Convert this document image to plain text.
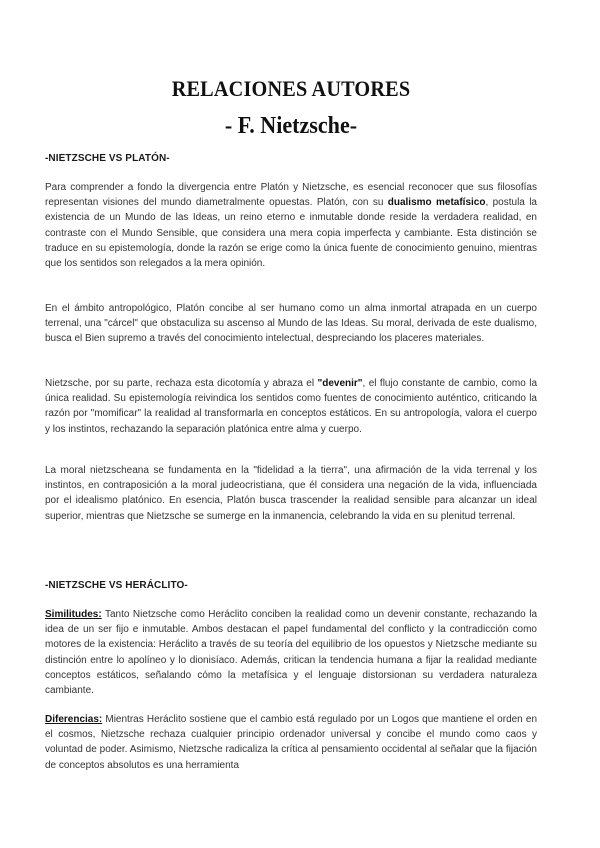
RELACIONES AUTORES
- F. Nietzsche-
-NIETZSCHE VS PLATÓN-

Para comprender a fondo la divergencia entre Platón y Nietzsche, es esencial reconocer que sus filosofías representan visiones del mundo diametralmente opuestas. Platón, con su dualismo metafísico, postula la existencia de un Mundo de las Ideas, un reino eterno e inmutable donde reside la verdadera realidad, en contraste con el Mundo Sensible, que considera una mera copia imperfecta y cambiante. Esta distinción se traduce en su epistemología, donde la razón se erige como la única fuente de conocimiento genuino, mientras que los sentidos son relegados a la mera opinión.

En el ámbito antropológico, Platón concibe al ser humano como un alma inmortal atrapada en un cuerpo terrenal, una "cárcel" que obstaculiza su ascenso al Mundo de las Ideas. Su moral, derivada de este dualismo, busca el Bien supremo a través del conocimiento intelectual, despreciando los placeres materiales.

Nietzsche, por su parte, rechaza esta dicotomía y abraza el "devenir", el flujo constante de cambio, como la única realidad. Su epistemología reivindica los sentidos como fuentes de conocimiento auténtico, criticando la razón por "momificar" la realidad al transformarla en conceptos estáticos. En su antropología, valora el cuerpo y los instintos, rechazando la separación platónica entre alma y cuerpo.

La moral nietzscheana se fundamenta en la "fidelidad a la tierra", una afirmación de la vida terrenal y los instintos, en contraposición a la moral judeocristiana, que él considera una negación de la vida, influenciada por el idealismo platónico. En esencia, Platón busca trascender la realidad sensible para alcanzar un ideal superior, mientras que Nietzsche se sumerge en la inmanencia, celebrando la vida en su plenitud terrenal.

-NIETZSCHE VS HERÁCLITO-

Similitudes: Tanto Nietzsche como Heráclito conciben la realidad como un devenir constante, rechazando la idea de un ser fijo e inmutable. Ambos destacan el papel fundamental del conflicto y la contradicción como motores de la existencia: Heráclito a través de su teoría del equilibrio de los opuestos y Nietzsche mediante su distinción entre lo apolíneo y lo dionisíaco. Además, critican la tendencia humana a fijar la realidad mediante conceptos estáticos, señalando cómo la metafísica y el lenguaje distorsionan su verdadera naturaleza cambiante.

Diferencias: Mientras Heráclito sostiene que el cambio está regulado por un Logos que mantiene el orden en el cosmos, Nietzsche rechaza cualquier principio ordenador universal y concibe el mundo como caos y voluntad de poder. Asimismo, Nietzsche radicaliza la crítica al pensamiento occidental al señalar que la fijación de conceptos absolutos es una herramienta
